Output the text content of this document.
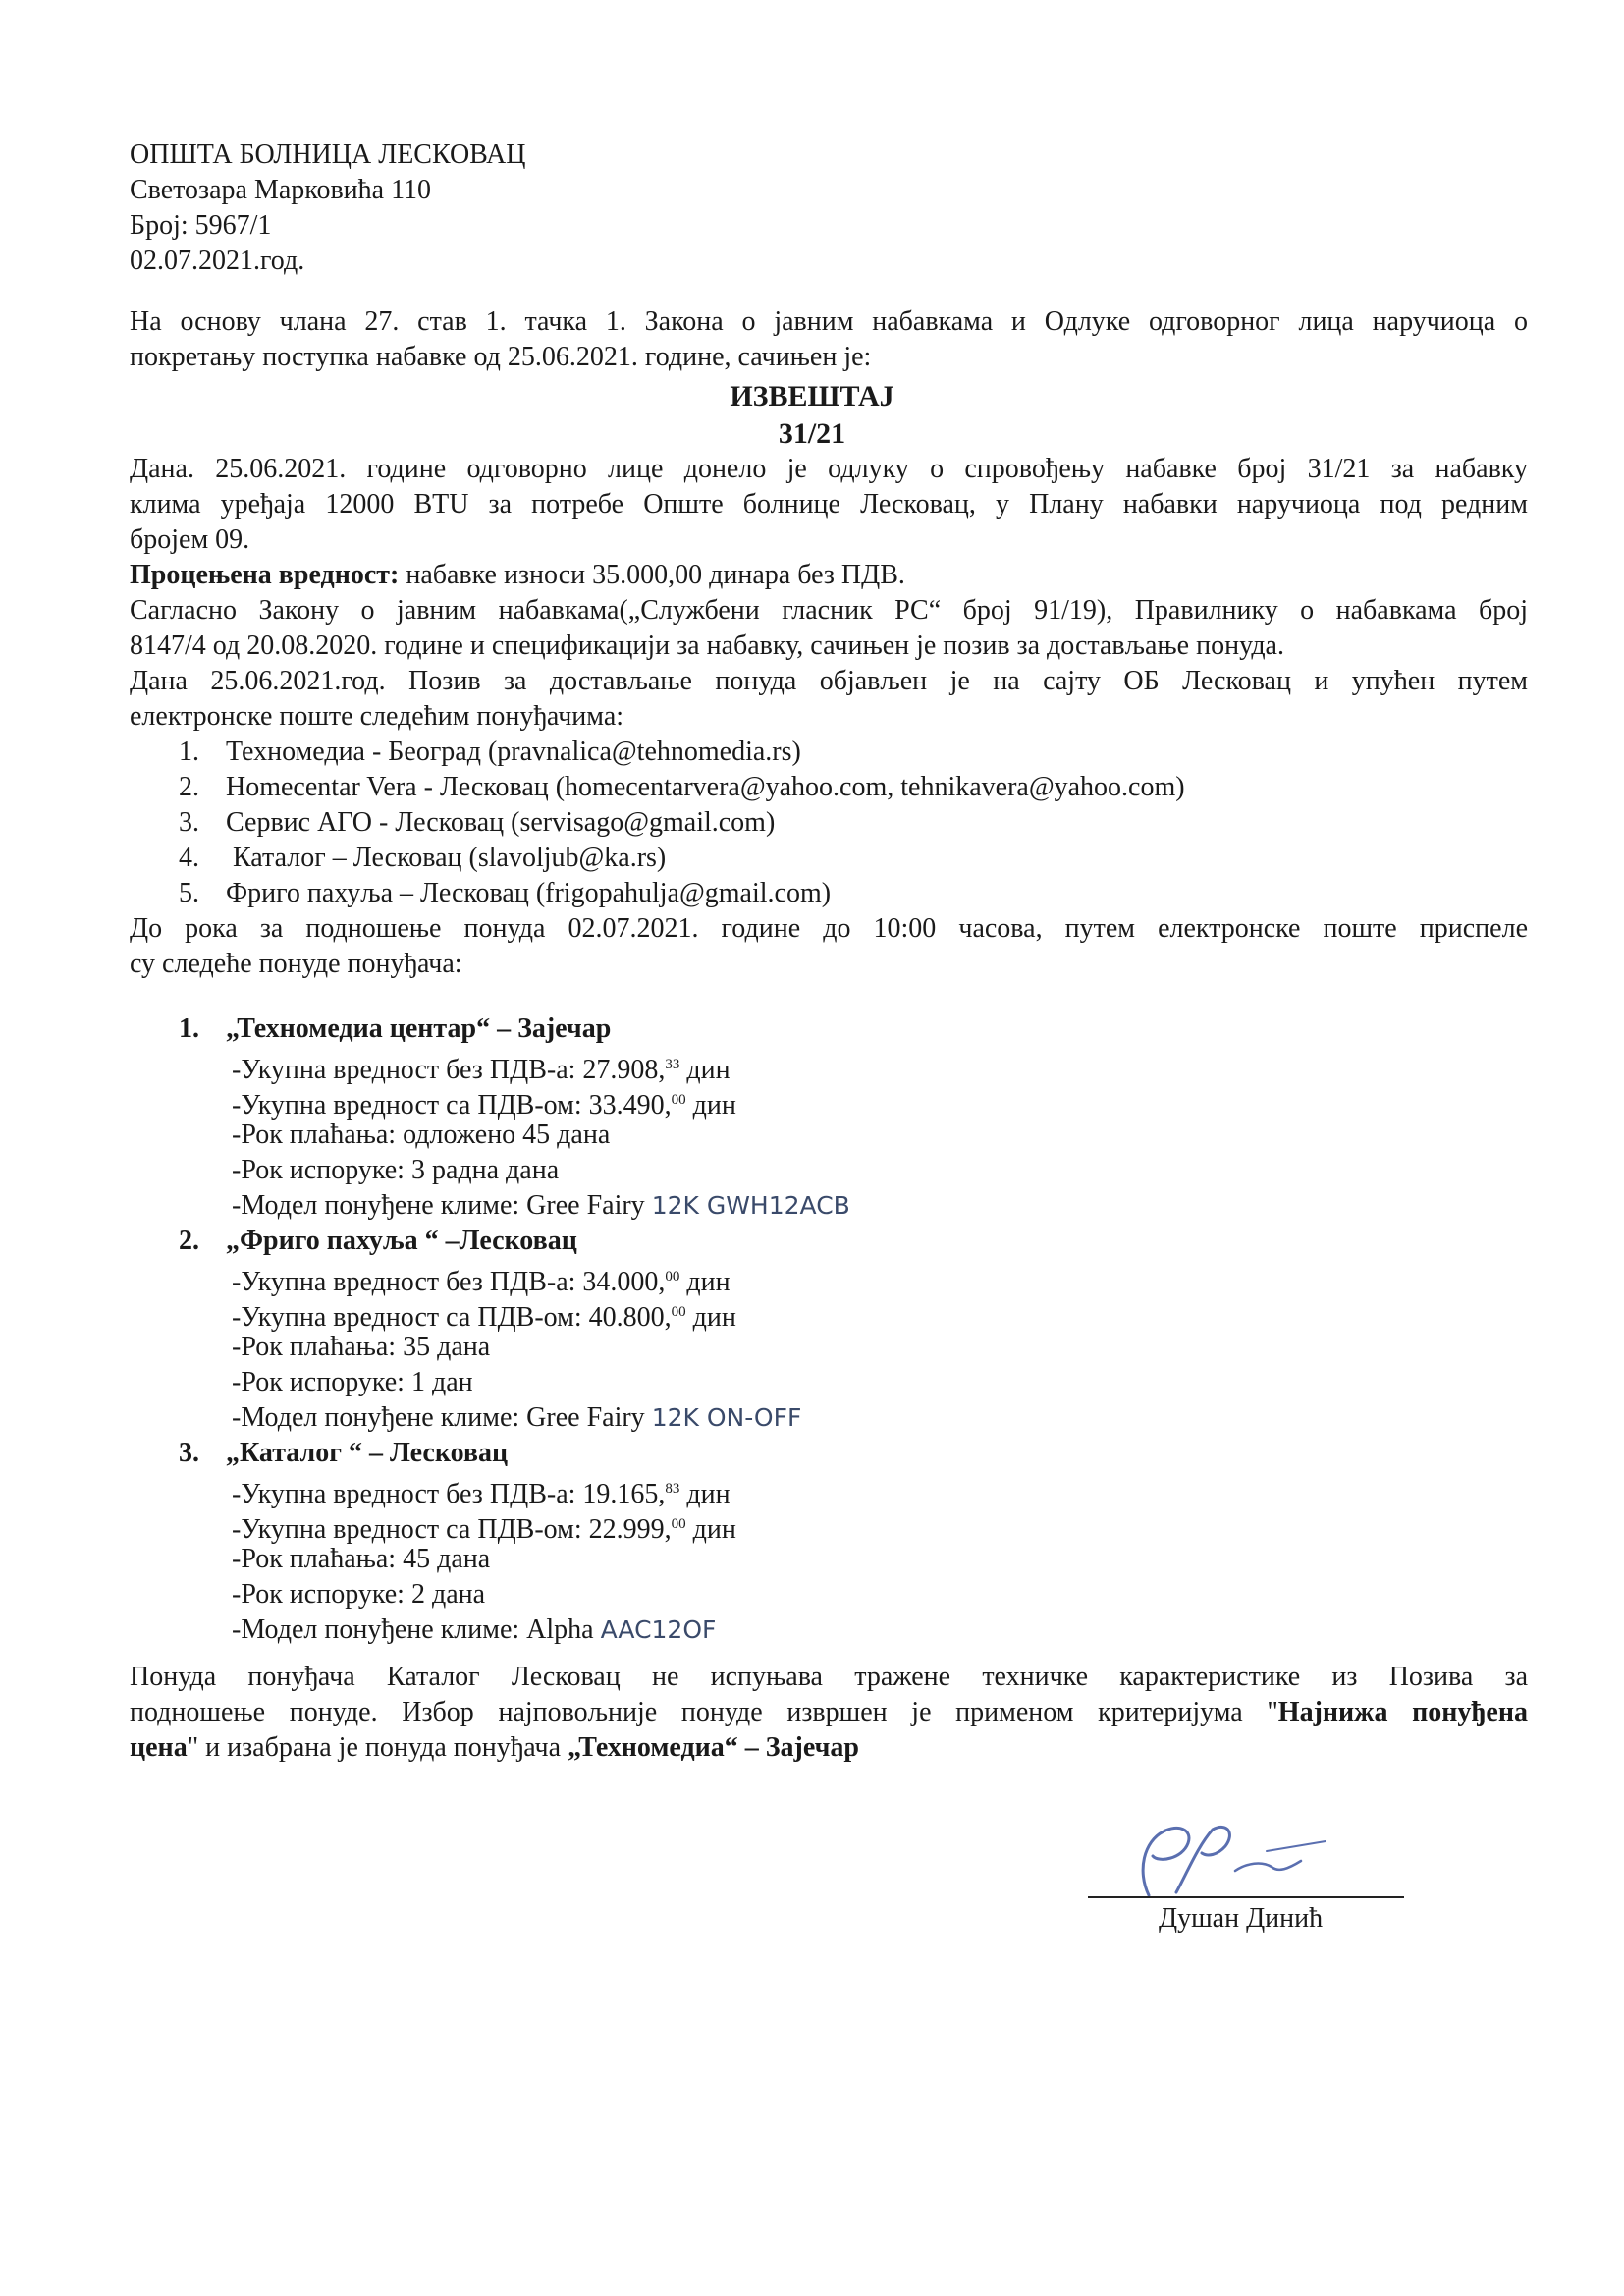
ОПШТА БОЛНИЦА ЛЕСКОВАЦ
Светозара Марковића 110
Број: 5967/1
02.07.2021.год.
На основу члана 27. став 1. тачка 1. Закона о јавним набавкама и Одлуке одговорног лица наручиоца о
покретању поступка набавке од 25.06.2021. године, сачињен је:
ИЗВЕШТАЈ
31/21
Дана. 25.06.2021. године одговорно лице донело је одлуку о спровођењу набавке број 31/21 за набавку
клима уређаја 12000 BTU за потребе Опште болнице Лесковац, у Плану набавки наручиоца под редним
бројем 09.
Процењена вредност: набавке износи 35.000,00 динара без ПДВ.
Сагласно Закону о јавним набавкама(„Службени гласник РС“ број 91/19), Правилнику о набавкама број
8147/4 од 20.08.2020. године и спецификацији за набавку, сачињен је позив за достављање понуда.
Дана 25.06.2021.год. Позив за достављање понуда објављен је на сајту ОБ Лесковац и упућен путем
електронске поште следећим понуђачима:
1. Техномедиа - Београд (pravnalica@tehnomedia.rs)
2. Homecentar Vera - Лесковац (homecentarvera@yahoo.com, tehnikavera@yahoo.com)
3. Сервис АГО - Лесковац (servisago@gmail.com)
4. Каталог – Лесковац (slavoljub@ka.rs)
5. Фриго пахуља – Лесковац (frigopahulja@gmail.com)
До рока за подношење понуда 02.07.2021. године до 10:00 часова, путем електронске поште приспеле
су следеће понуде понуђача:
1. „Техномедиа центар“ – Зајечар
-Укупна вредност без ПДВ-а: 27.908,33 дин
-Укупна вредност са ПДВ-ом: 33.490,00 дин
-Рок плаћања: одложено 45 дана
-Рок испоруке: 3 радна дана
-Модел понуђене климе: Gree Fairy 12K GWH12ACB
2. „Фриго пахуља “ –Лесковац
-Укупна вредност без ПДВ-а: 34.000,00 дин
-Укупна вредност са ПДВ-ом: 40.800,00 дин
-Рок плаћања: 35 дана
-Рок испоруке: 1 дан
-Модел понуђене климе: Gree Fairy 12K ON-OFF
3. „Каталог “ – Лесковац
-Укупна вредност без ПДВ-а: 19.165,83 дин
-Укупна вредност са ПДВ-ом: 22.999,00 дин
-Рок плаћања: 45 дана
-Рок испоруке: 2 дана
-Модел понуђене климе: Alpha AAC12OF
Понуда понуђача Каталог Лесковац не испуњава тражене техничке карактеристике из Позива за
подношење понуде. Избор најповољније понуде извршен је применом критеријума "Најнижа понуђена
цена" и изабрана је понуда понуђача „Техномедиа“ – Зајечар
Душан Динић
